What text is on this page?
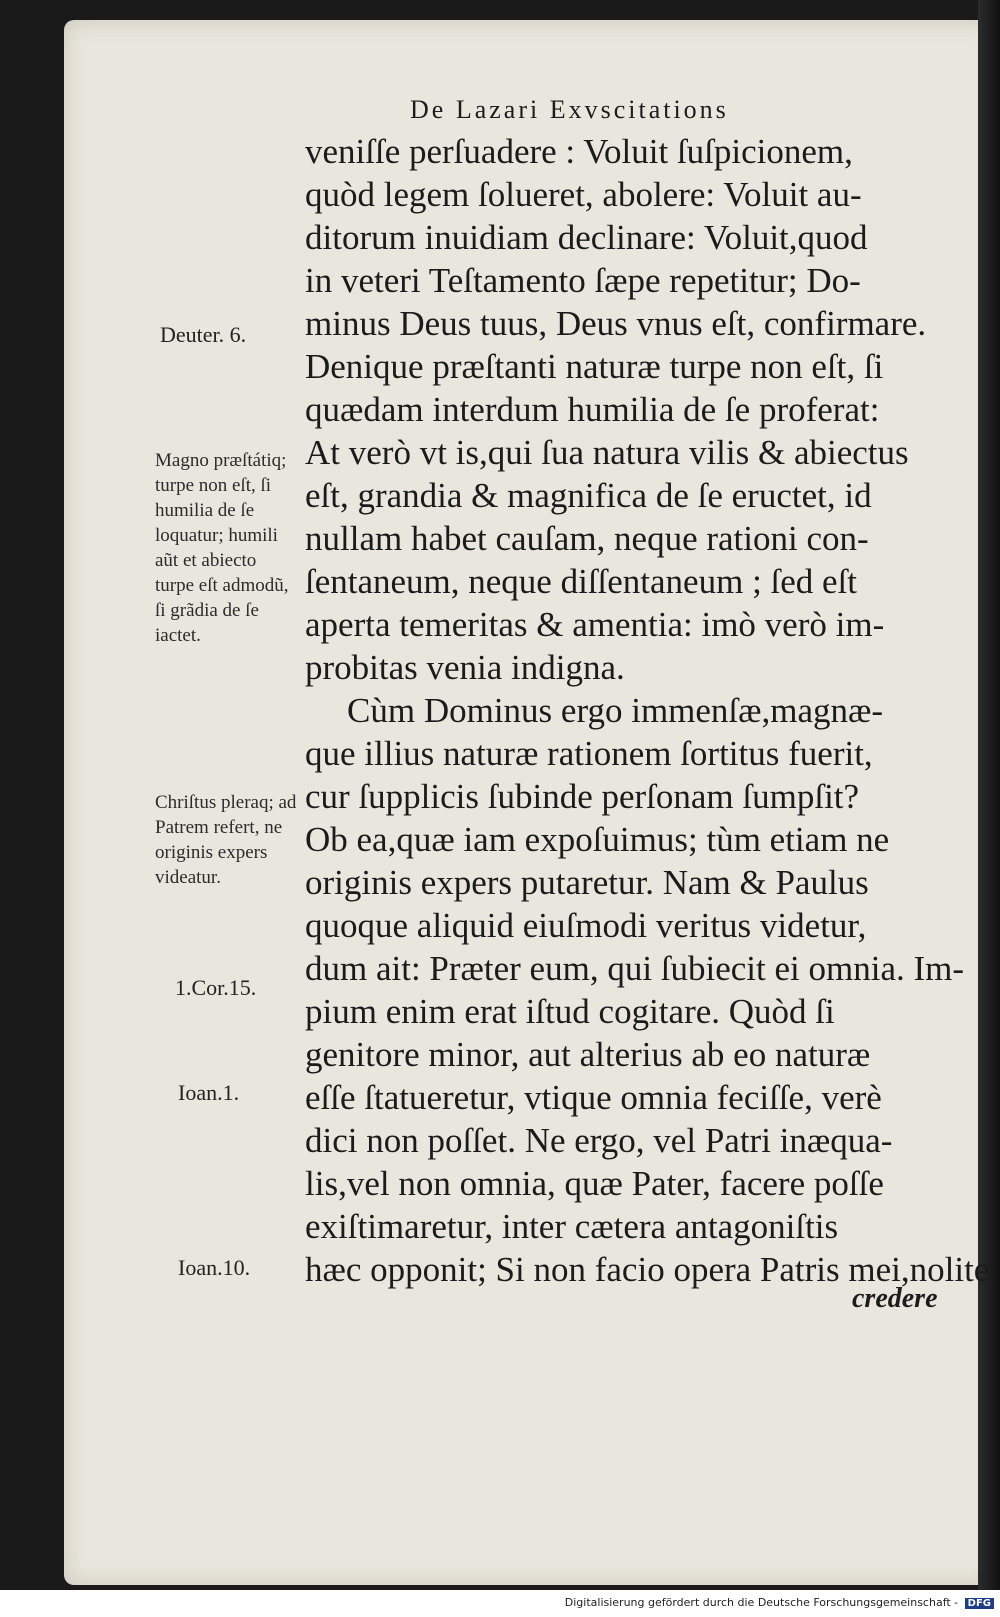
De Lazari Exvscitations
veniſſe perſuadere : Voluit ſuſpicionem,
quòd legem ſolueret, abolere: Voluit au-
ditorum inuidiam declinare: Voluit,quod
in veteri Teſtamento ſæpe repetitur; Do-
minus Deus tuus, Deus vnus eſt, confirmare.
Denique præſtanti naturæ turpe non eſt, ſi
quædam interdum humilia de ſe proferat:
At verò vt is,qui ſua natura vilis & abiectus
eſt, grandia & magnifica de ſe eructet, id
nullam habet cauſam, neque rationi con-
ſentaneum, neque diſſentaneum ; ſed eſt
aperta temeritas & amentia: imò verò im-
probitas venia indigna.
Cùm Dominus ergo immenſæ,magnæ-
que illius naturæ rationem ſortitus fuerit,
cur ſupplicis ſubinde perſonam ſumpſit?
Ob ea,quæ iam expoſuimus; tùm etiam ne
originis expers putaretur. Nam & Paulus
quoque aliquid eiuſmodi veritus videtur,
dum ait: Præter eum, qui ſubiecit ei omnia. Im-
pium enim erat iſtud cogitare. Quòd ſi
genitore minor, aut alterius ab eo naturæ
eſſe ſtatueretur, vtique omnia feciſſe, verè
dici non poſſet. Ne ergo, vel Patri inæqua-
lis,vel non omnia, quæ Pater, facere poſſe
exiſtimaretur, inter cætera antagoniſtis
hæc opponit; Si non facio opera Patris mei,nolite
credere
Deuter. 6.
Magno præſtátiq; turpe non eſt, ſi humilia de ſe loquatur; humili aũt et abiecto turpe eſt admodũ, ſi grãdia de ſe iactet.
Chriſtus pleraq; ad Patrem refert, ne originis expers videatur.
1.Cor.15.
Ioan.1.
Ioan.10.
Digitalisierung gefördert durch die Deutsche Forschungsgemeinschaft - DFG
